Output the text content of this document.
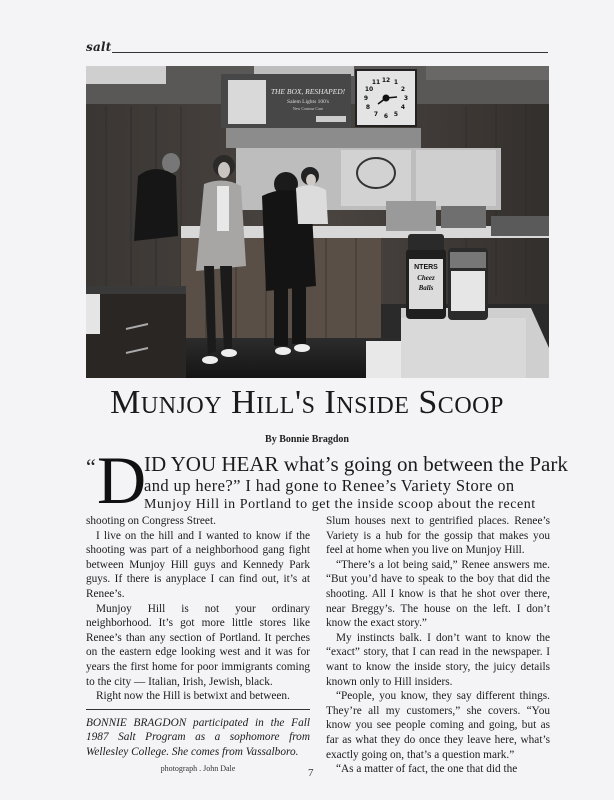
salt
THE BOX, RESHAPED!
Salem Lights 100's
New Contour Case
12 1
2
3
4
5
6
7
8
9
10
11
NTERS
Cheez
Balls
Munjoy Hill's Inside Scoop
By Bonnie Bragdon
“ D
ID YOU HEAR what’s going on between the Park
and up here?” I had gone to Renee’s Variety Store on
Munjoy Hill in Portland to get the inside scoop about the recent

shooting on Congress Street.

I live on the hill and I wanted to know if the shooting was part of a neighborhood gang fight between Munjoy Hill guys and Kennedy Park guys. If there is anyplace I can find out, it’s at Renee’s.

Munjoy Hill is not your ordinary neighborhood. It’s got more little stores like Renee’s than any section of Portland. It perches on the eastern edge looking west and it was for years the first home for poor immigrants coming to the city — Italian, Irish, Jewish, black.

Right now the Hill is betwixt and between.

BONNIE BRAGDON participated in the Fall 1987 Salt Program as a sophomore from Wellesley College. She comes from Vassalboro.

photograph . John Dale

Slum houses next to gentrified places. Renee’s Variety is a hub for the gossip that makes you feel at home when you live on Munjoy Hill.

“There’s a lot being said,” Renee answers me. “But you’d have to speak to the boy that did the shooting. All I know is that he shot over there, near Breggy’s. The house on the left. I don’t know the exact story.”

My instincts balk. I don’t want to know the “exact” story, that I can read in the newspaper. I want to know the inside story, the juicy details known only to Hill insiders.

“People, you know, they say different things. They’re all my customers,” she covers. “You know you see people coming and going, but as far as what they do once they leave here, what’s exactly going on, that’s a question mark.”

“As a matter of fact, the one that did the

7
